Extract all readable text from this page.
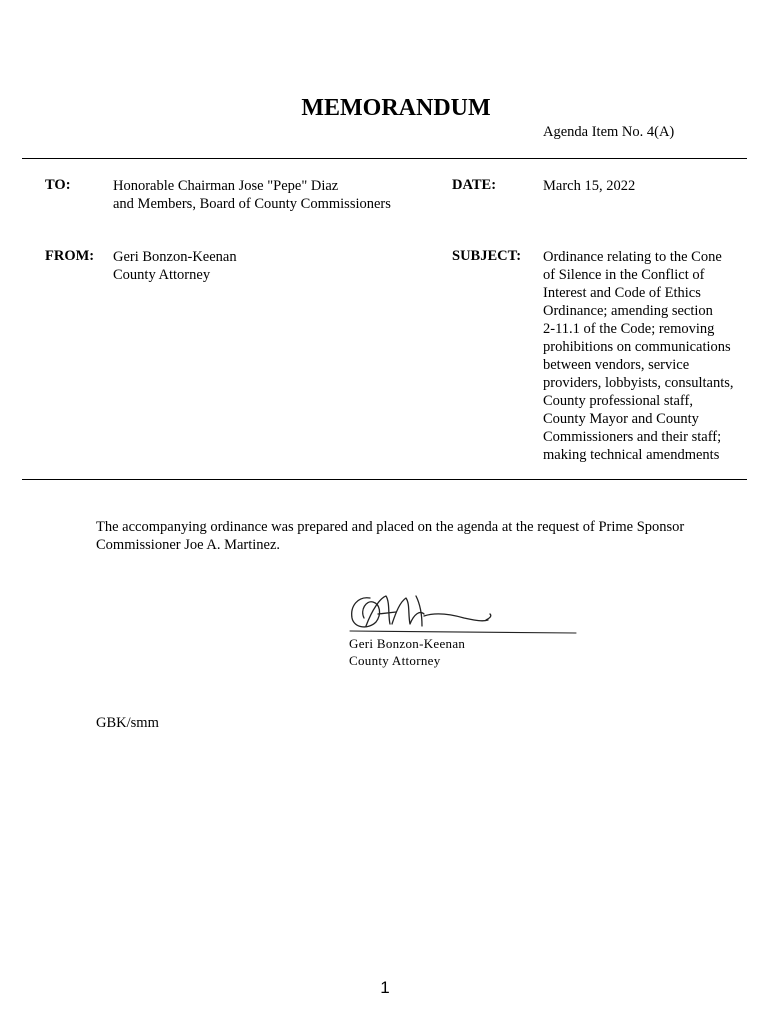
MEMORANDUM
Agenda Item No. 4(A)
TO:	Honorable Chairman Jose "Pepe" Diaz
and Members, Board of County Commissioners
DATE:	March 15, 2022
FROM: Geri Bonzon-Keenan
County Attorney
SUBJECT: Ordinance relating to the Cone
of Silence in the Conflict of
Interest and Code of Ethics
Ordinance; amending section
2-11.1 of the Code; removing
prohibitions on communications
between vendors, service
providers, lobbyists, consultants,
County professional staff,
County Mayor and County
Commissioners and their staff;
making technical amendments
The accompanying ordinance was prepared and placed on the agenda at the request of Prime Sponsor
Commissioner Joe A. Martinez.
Geri Bonzon-Keenan
County Attorney
GBK/smm
1
